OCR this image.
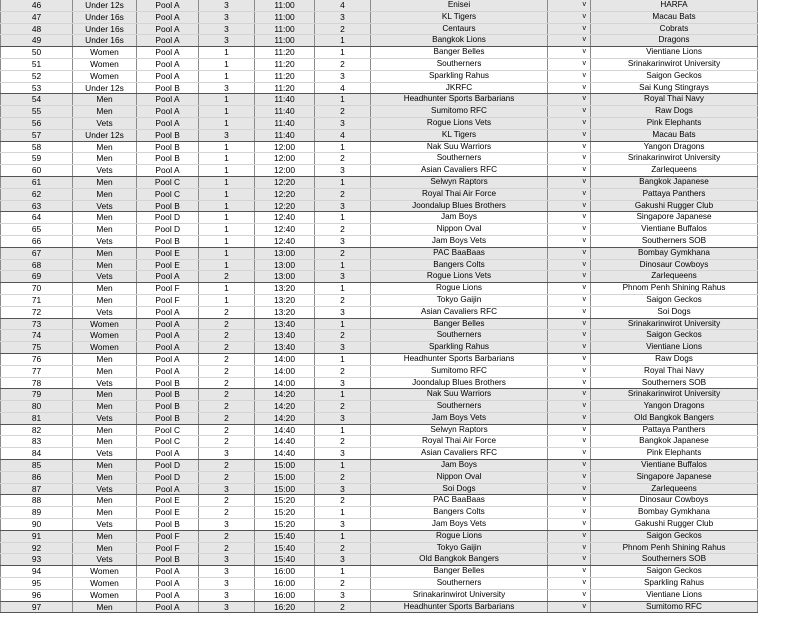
46	Under 12s	Pool A	3	11:00	4	Enisei	v	HARFA
47	Under 16s	Pool A	3	11:00	3	KL Tigers	v	Macau Bats
48	Under 16s	Pool A	3	11:00	2	Centaurs	v	Cobrats
49	Under 16s	Pool A	3	11:00	1	Bangkok Lions	v	Dragons
50	Women	Pool A	1	11:20	1	Banger Belles	v	Vientiane Lions
51	Women	Pool A	1	11:20	2	Southerners	v	Srinakarinwirot University
52	Women	Pool A	1	11:20	3	Sparkling Rahus	v	Saigon Geckos
53	Under 12s	Pool B	3	11:20	4	JKRFC	v	Sai Kung Stingrays
54	Men	Pool A	1	11:40	1	Headhunter Sports Barbarians	v	Royal Thai Navy
55	Men	Pool A	1	11:40	2	Sumitomo RFC	v	Raw Dogs
56	Vets	Pool A	1	11:40	3	Rogue Lions Vets	v	Pink Elephants
57	Under 12s	Pool B	3	11:40	4	KL Tigers	v	Macau Bats
58	Men	Pool B	1	12:00	1	Nak Suu Warriors	v	Yangon Dragons
59	Men	Pool B	1	12:00	2	Southerners	v	Srinakarinwirot University
60	Vets	Pool A	1	12:00	3	Asian Cavaliers RFC	v	Zarlequeens
61	Men	Pool C	1	12:20	1	Selwyn Raptors	v	Bangkok Japanese
62	Men	Pool C	1	12:20	2	Royal Thai Air Force	v	Pattaya Panthers
63	Vets	Pool B	1	12:20	3	Joondalup Blues Brothers	v	Gakushi Rugger Club
64	Men	Pool D	1	12:40	1	Jam Boys	v	Singapore Japanese
65	Men	Pool D	1	12:40	2	Nippon Oval	v	Vientiane Buffalos
66	Vets	Pool B	1	12:40	3	Jam Boys Vets	v	Southerners SOB
67	Men	Pool E	1	13:00	2	PAC BaaBaas	v	Bombay Gymkhana
68	Men	Pool E	1	13:00	1	Bangers Colts	v	Dinosaur Cowboys
69	Vets	Pool A	2	13:00	3	Rogue Lions Vets	v	Zarlequeens
70	Men	Pool F	1	13:20	1	Rogue Lions	v	Phnom Penh Shining Rahus
71	Men	Pool F	1	13:20	2	Tokyo Gaijin	v	Saigon Geckos
72	Vets	Pool A	2	13:20	3	Asian Cavaliers RFC	v	Soi Dogs
73	Women	Pool A	2	13:40	1	Banger Belles	v	Srinakarinwirot University
74	Women	Pool A	2	13:40	2	Southerners	v	Saigon Geckos
75	Women	Pool A	2	13:40	3	Sparkling Rahus	v	Vientiane Lions
76	Men	Pool A	2	14:00	1	Headhunter Sports Barbarians	v	Raw Dogs
77	Men	Pool A	2	14:00	2	Sumitomo RFC	v	Royal Thai Navy
78	Vets	Pool B	2	14:00	3	Joondalup Blues Brothers	v	Southerners SOB
79	Men	Pool B	2	14:20	1	Nak Suu Warriors	v	Srinakarinwirot University
80	Men	Pool B	2	14:20	2	Southerners	v	Yangon Dragons
81	Vets	Pool B	2	14:20	3	Jam Boys Vets	v	Old Bangkok Bangers
82	Men	Pool C	2	14:40	1	Selwyn Raptors	v	Pattaya Panthers
83	Men	Pool C	2	14:40	2	Royal Thai Air Force	v	Bangkok Japanese
84	Vets	Pool A	3	14:40	3	Asian Cavaliers RFC	v	Pink Elephants
85	Men	Pool D	2	15:00	1	Jam Boys	v	Vientiane Buffalos
86	Men	Pool D	2	15:00	2	Nippon Oval	v	Singapore Japanese
87	Vets	Pool A	3	15:00	3	Soi Dogs	v	Zarlequeens
88	Men	Pool E	2	15:20	2	PAC BaaBaas	v	Dinosaur Cowboys
89	Men	Pool E	2	15:20	1	Bangers Colts	v	Bombay Gymkhana
90	Vets	Pool B	3	15:20	3	Jam Boys Vets	v	Gakushi Rugger Club
91	Men	Pool F	2	15:40	1	Rogue Lions	v	Saigon Geckos
92	Men	Pool F	2	15:40	2	Tokyo Gaijin	v	Phnom Penh Shining Rahus
93	Vets	Pool B	3	15:40	3	Old Bangkok Bangers	v	Southerners SOB
94	Women	Pool A	3	16:00	1	Banger Belles	v	Saigon Geckos
95	Women	Pool A	3	16:00	2	Southerners	v	Sparkling Rahus
96	Women	Pool A	3	16:00	3	Srinakarinwirot University	v	Vientiane Lions
97	Men	Pool A	3	16:20	2	Headhunter Sports Barbarians	v	Sumitomo RFC
